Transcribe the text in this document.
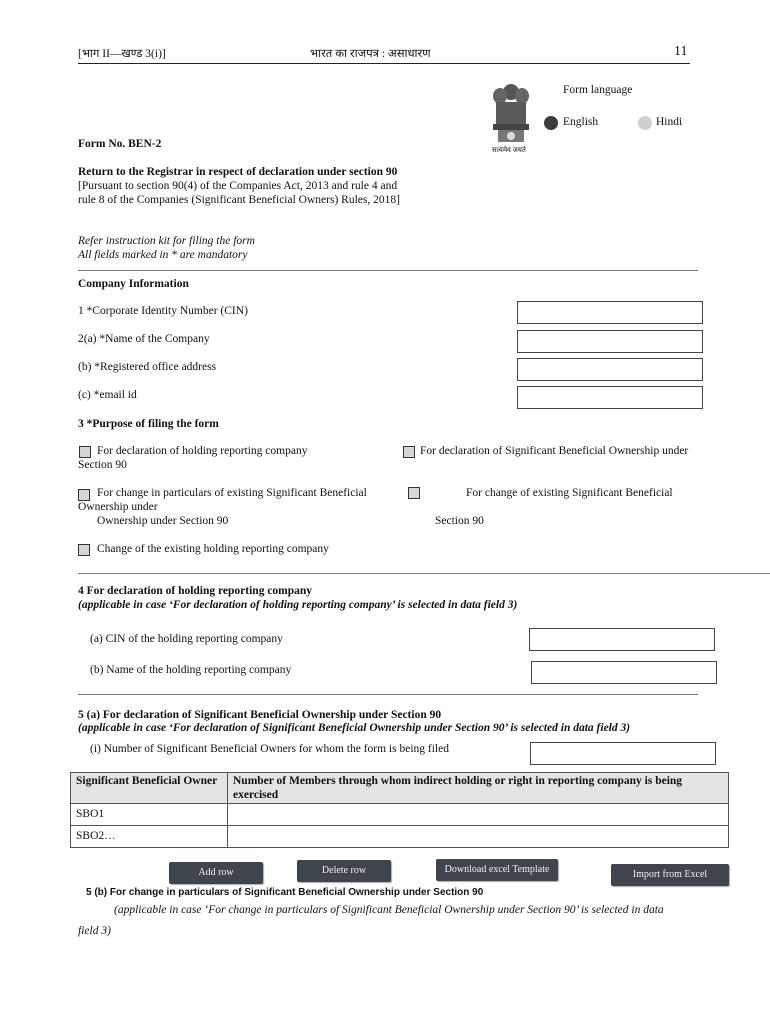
[भाग II—खण्ड 3(i)]	भारत का राजपत्र : असाधारण	11
सत्यमेव जयते
Form language
English	Hindi
Form No. BEN-2
Return to the Registrar in respect of declaration under section 90
[Pursuant to section 90(4) of the Companies Act, 2013 and rule 4 and
rule 8 of the Companies (Significant Beneficial Owners) Rules, 2018]
Refer instruction kit for filing the form
All fields marked in * are mandatory
Company Information
1 *Corporate Identity Number (CIN)
2(a) *Name of the Company
(b) *Registered office address
(c) *email id
3 *Purpose of filing the form
For declaration of holding reporting company	For declaration of Significant Beneficial Ownership under
Section 90
For change in particulars of existing Significant Beneficial
Ownership under
Ownership under Section 90
For change of existing Significant Beneficial
Section 90
Change of the existing holding reporting company
4 For declaration of holding reporting company
(applicable in case ‘For declaration of holding reporting company’ is selected in data field 3)
(a) CIN of the holding reporting company
(b) Name of the holding reporting company
5 (a) For declaration of Significant Beneficial Ownership under Section 90
(applicable in case ‘For declaration of Significant Beneficial Ownership under Section 90’ is selected in data field 3)
(i) Number of Significant Beneficial Owners for whom the form is being filed
Significant Beneficial Owner	Number of Members through whom indirect holding or right in reporting company is being exercised
SBO1	
SBO2…	
Add row	Delete row	Download excel Template	Import from Excel
5 (b) For change in particulars of Significant Beneficial Ownership under Section 90
(applicable in case ‘For change in particulars of Significant Beneficial Ownership under Section 90’ is selected in data
field 3)
